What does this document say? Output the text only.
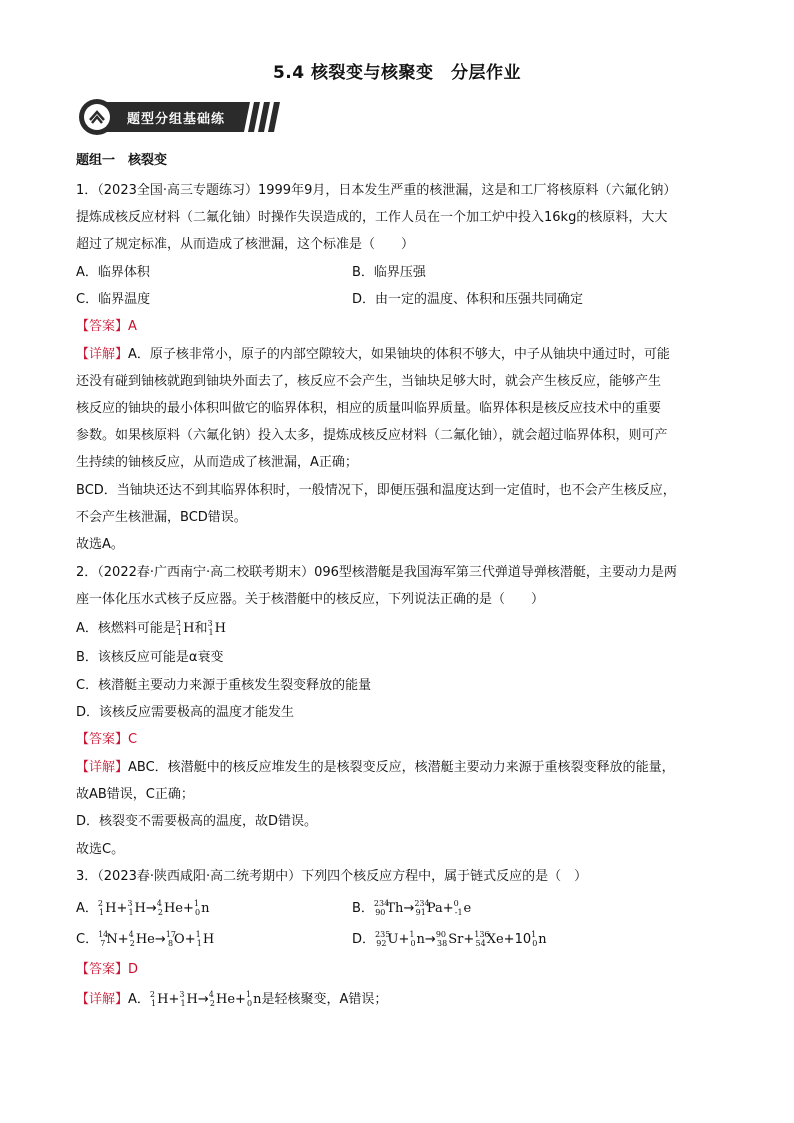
5.4 核裂变与核聚变　分层作业
题型分组基础练
题组一　核裂变
1．（2023全国·高三专题练习）1999年9月，日本发生严重的核泄漏，这是和工厂将核原料（六氟化钠）
提炼成核反应材料（二氟化铀）时操作失误造成的，工作人员在一个加工炉中投入16kg的核原料，大大
超过了规定标准，从而造成了核泄漏，这个标准是（　　）
A．临界体积	B．临界压强
C．临界温度	D．由一定的温度、体积和压强共同确定
【答案】A
【详解】A．原子核非常小，原子的内部空隙较大，如果铀块的体积不够大，中子从铀块中通过时，可能
还没有碰到铀核就跑到铀块外面去了，核反应不会产生，当铀块足够大时，就会产生核反应，能够产生
核反应的铀块的最小体积叫做它的临界体积，相应的质量叫临界质量。临界体积是核反应技术中的重要
参数。如果核原料（六氟化钠）投入太多，提炼成核反应材料（二氟化铀），就会超过临界体积，则可产
生持续的铀核反应，从而造成了核泄漏，A正确；
BCD．当铀块还达不到其临界体积时，一般情况下，即便压强和温度达到一定值时，也不会产生核反应，
不会产生核泄漏，BCD错误。
故选A。
2．（2022春·广西南宁·高二校联考期末）096型核潜艇是我国海军第三代弹道导弹核潜艇，主要动力是两
座一体化压水式核子反应器。关于核潜艇中的核反应，下列说法正确的是（　　）
A．核燃料可能是$^2_1$H和$^3_1$H
B．该核反应可能是α衰变
C．核潜艇主要动力来源于重核发生裂变释放的能量
D．该核反应需要极高的温度才能发生
【答案】C
【详解】ABC．核潜艇中的核反应堆发生的是核裂变反应，核潜艇主要动力来源于重核裂变释放的能量，
故AB错误，C正确；
D．核裂变不需要极高的温度，故D错误。
故选C。
3．（2023春·陕西咸阳·高二统考期中）下列四个核反应方程中，属于链式反应的是（　）
A．$^2_1$H+$^3_1$H→$^4_2$He+$^1_0$n	B．$^{234}_{90}$Th→$^{234}_{91}$Pa+$^0_{-1}$e
C．$^{14}_7$N+$^4_2$He→$^{17}_8$O+$^1_1$H	D．$^{235}_{92}U+^1_0n\to^{90}_{38}Sr+^{136}_{54}Xe+10^1_0n$
【答案】D
【详解】A．$^2_1$H+$^3_1$H→$^4_2$He+$^1_0$n是轻核聚变，A错误；
